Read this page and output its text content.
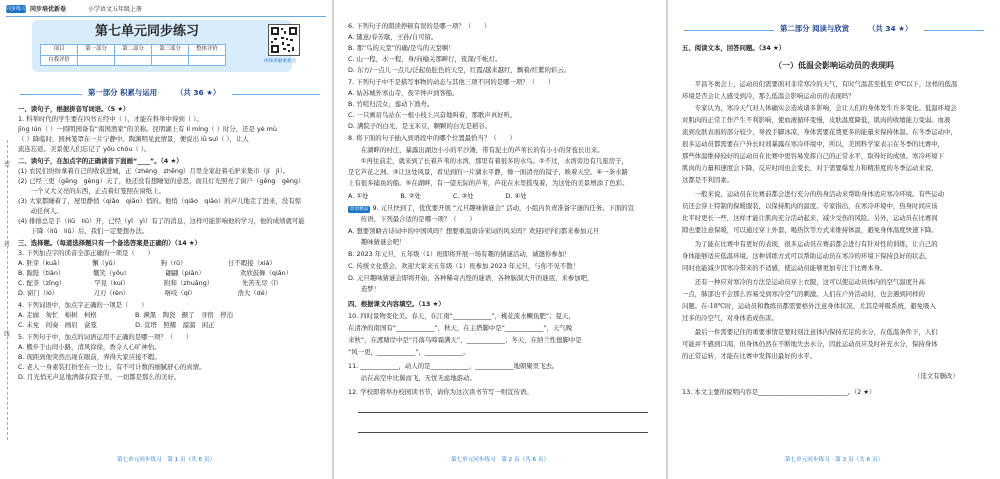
同步练习 同步培优新卷	小学语文五年级上册
第七单元同步练习
项目	第一部分	第二部分	第三部分	整体评价
自我评价					视频讲解重难点
第一部分 积累与运用	（共 36 ★）
密
封
线
一、读句子，根据拼音写词语。（5 ★）
1. 科举时代的学生要在四书五经中（ ），才能在科举中得到（ ）。
jīng lún（ ）一圆明园备有“南国渔家”的美称。昆明湖上有 lí míng（ ）时分，还是 yè mù
（ ）降临时，园林笼罩在一片宁静中。陶渊明见此情景，便说出 lǜ suì（ ），让人
流连忘返。美景使人们忘记了 yōu chóu（ ）。
二、读句子，在加点字的正确读音下面画“____”。（4 ★）
(1) 农民们纷纷拿着自己的收获进城，正（zhèng　zhēng）月里全家赶着毛驴来集市（jí　jì）。
(2) 已经三更（gēng　gèng）天了，他还没有想睡觉的意思，而且灯光照亮了窗户（gēng　gèng）
　　一个又大又亮的东西，正点着灯笼照在窗纸上。
(3) 大家都睡着了，屋里静悄（qiǎo　qiāo）悄的。他悄（qiǎo　qiāo）的声儿地走了进来，没有惊
　　动任何人。
(4) 排排总是手（liǔ　liǔ）开，已经（yǐ　yì）有了的消息，这样可能影响他的学习，他的成绩就可能
　　下降（liǔ　liǔ）后，我们一定要想办法。
三、选择题。（每道选择题只有一个备选答案是正确的）（14 ★）
3. 下列加点字的读音全部正确的一项是（　　）
A. 胚芽（kuā）　　　　　懈（yǔ）　　　　　　　狗（rǔ）　　　　　　　日不暇接（xiá）
B. 跪陛（tiān）　　　　　慨笑（yōu）　　　　　　翩翩（piān）　　　　　　欢欣鼓舞（qiǎn）
C. 配茶（zǐng）　　　　　罕見（kuí）　　　　　　附和（zhuāng）　　　　　先苦无尽（ǐ）
D. 窗门（ló）　　　　　　刀刃（rèn）　　　　　　咯吱（qí）　　　　　　　浩大（dé）
4. 下列词语中，加点字正确的一项是（　　）
A. 走廊　匆忙　棉树　柯格　　　　　　B. 濒黑　陶瓷　颤了　寻宿　停泊
C. 未免　间奏　画眉　盒笼　　　　　　D. 宣塔　照耀　溜溜　闲正
5. 下列句子中，加点的词语运用不正确的是哪一项？（　　）
A. 搬步于山间小路，清风徐徐，香令人心旷神怡。
B. 现距到他突然出现在眼前，弄得大家应接不暇。
C. 老人一身素装打扮坐在一边上，有不可计数的细腻舒心的真情。
D. 月光悄无声息地洒落在院子里，一切都是那么的美好。
第七单元同步练习　第 1 页（共 6 页）
6. 下列句子的朗读停顿有误的是哪一项？（　　）
A. 随意/春芳歇，王孙/自可留。
B. 那“鸟的天堂”的确/是鸟的天堂啊！
C. 山一程，水一程，身/向榆关那畔行，夜深/千帐灯。
D. 东方/一点儿一点儿/泛起鱼肚色的天空，红霞/越来越红，飘着/红紫的彩云。
7. 下列句子中不是描写事物的动态与其他三项不同的是哪一项？（　　）
A. 姑苏城外寒山寺，夜半钟声到客船。
B. 竹喧归浣女，莲动下渔舟。
C. 一只画眉鸟站在一根小枝上兴奋地叫着，那歌声真好听。
D. 满院子的白光，是玉米豆，颗颗的白光是稻谷。
8. 将下面的句子插入到语段中的哪个位置最恰当？（　　）
　　在湖畔的村庄，暴露出湖边小小的平沙滩，带有泥土的芦苇长的有小小的芽苞长出来。
　　①再往前走，就来到了长着芦苇的水湾，那里有着很多的水鸟。②不过，水湾旁边有几座房子，
是它芦花之洲。③让这处风景，看见到的一片湖水平静，像一面清亮的镜子，映着天空。④一条水路
上有很多捕鱼的船。⑤在湖畔，有一望无际的芦苇，芦花在水里摇曳着，为这处的美景增添了色彩。
A. ①处　　　　　B. ②处　　　　　C. ③处　　　　　D. ④处
原创精品 9. 元旦快到了，优优要开展 “元旦趣味猜谜会” 活动，小组内负责准备字谜的任务。下面的宣
　　传语，下列最合适的是哪一项？（　　）
A. 想要领略古诗词中的中国风吗？想要重温唐诗宋词的风采吗？欢迎同学们都来参加元旦
　　趣味猜谜会吧！
B. 2023 年元旦，五年级（1）班即将开展一场有趣的猜谜活动，诚邀你参加！
C. 传统文化盛会，欢迎大家来五年级（1）班参加 2023 年元旦，与你不见不散！
D. 元旦趣味猜谜会即将开始，各种稀奇古怪的谜语，各种脑洞大开的谜底，来参加吧，
　　造梦！
四、根据课文内容填空。（13 ★）
10. 四时景物变化美。春天，在江南“____________”，桃花流水鳜鱼肥”；夏天，
在清净的南国有“____________”，秋天，在主塔脚中是“____________”，天气晚
来秋”，在渡塘岸中是“月落乌啼霜满天”，____________；冬天，在纳兰性德脚中是
“风一更，____________”，____________。
11. ____________，动人的是____________，____________地朝聚里飞去。
　　站在高空中比翼而飞，无忧无虑地游动。
12. 学校即将举办校园读书节，请你为这次读书节写一则宣传语。
第七单元同步练习　第 2 页（共 6 页）
第二部分 阅读与欣赏	（共 34 ★）
五、阅读文本，回答问题。（34 ★）
（一）低温会影响运动员的表现吗
　　平昌冬奥会上，运动员们需要面对非常寒冷的天气，有时气温甚至低至 0℃以下，这样的低温
环境是否会让人感受到冷，那么低温会影响运动员的表现吗？
　　专家认为，寒冷天气对人体确实会造成诸多影响，会让人们的身体发生许多变化。低温环境会
对肌肉的正常工作产生不利影响，使血液循环变慢，皮肤温度降低，肌肉的收缩能力变弱。血液
流到皮肤表面的部分较少，导致手脚冰凉，身体需要花费更多的能量来保持体温。在冬季运动中，
很多运动员都需要在户外长时间暴露在寒冷环境中，所以，美国科学家表示在冬季的比赛中，
那些体温维持较好的运动员在比赛中更容易发挥自己的正常水平，取得好的成绩。寒冷环境下
肌肉的力量和速度会下降，反应时间也会变长，对于需要爆发力和精准度的冬季运动来说，
这都是不利因素。
　　一般来说，运动员在比赛前都会进行充分的热身活动来帮助身体适应寒冷环境。有些运动
员还会穿上特制的保暖服装，以保持肌肉的温度。专家指出，在寒冷环境中，热身时间应该
比平时更长一些，这样才能让肌肉充分活动起来，减少受伤的风险。另外，运动员在比赛间
隙也要注意保暖，可以通过穿上外套、喝热饮等方式来维持体温，避免身体温度快速下降。
　　为了能在比赛中有更好的表现，很多运动员在赛前都会进行有针对性的训练，让自己的
身体能够适应低温环境。这种训练方式可以帮助运动员在寒冷的环境下保持良好的状态，
同时也能减少因寒冷带来的不适感，使运动员能够更加专注于比赛本身。
　　还有一种应对寒冷的方法是运动员穿上衣服，这可以使运动员体内的空气温度升高
一点，肺部也不会那么容易受到寒冷空气的刺激。人们在户外活动时，也会遇到同样的
问题。在-18℃时，运动员和教练员都需要格外注意身体状况，尤其是呼吸系统，避免吸入
过多的冷空气，对身体造成伤害。
　　最后一件需要记住的重要事情是要时刻注意体内保持充足的水分，在低温条件下，人们
可能并不感到口渴，但身体仍然在不断地失去水分，因此运动员应及时补充水分，保持身体
的正常运转，才能在比赛中发挥出最好的水平。
（选文有删改）
13. 本文主要的说明内容是____________________________。（2 ★）
第七单元同步练习　第 3 页（共 6 页）
